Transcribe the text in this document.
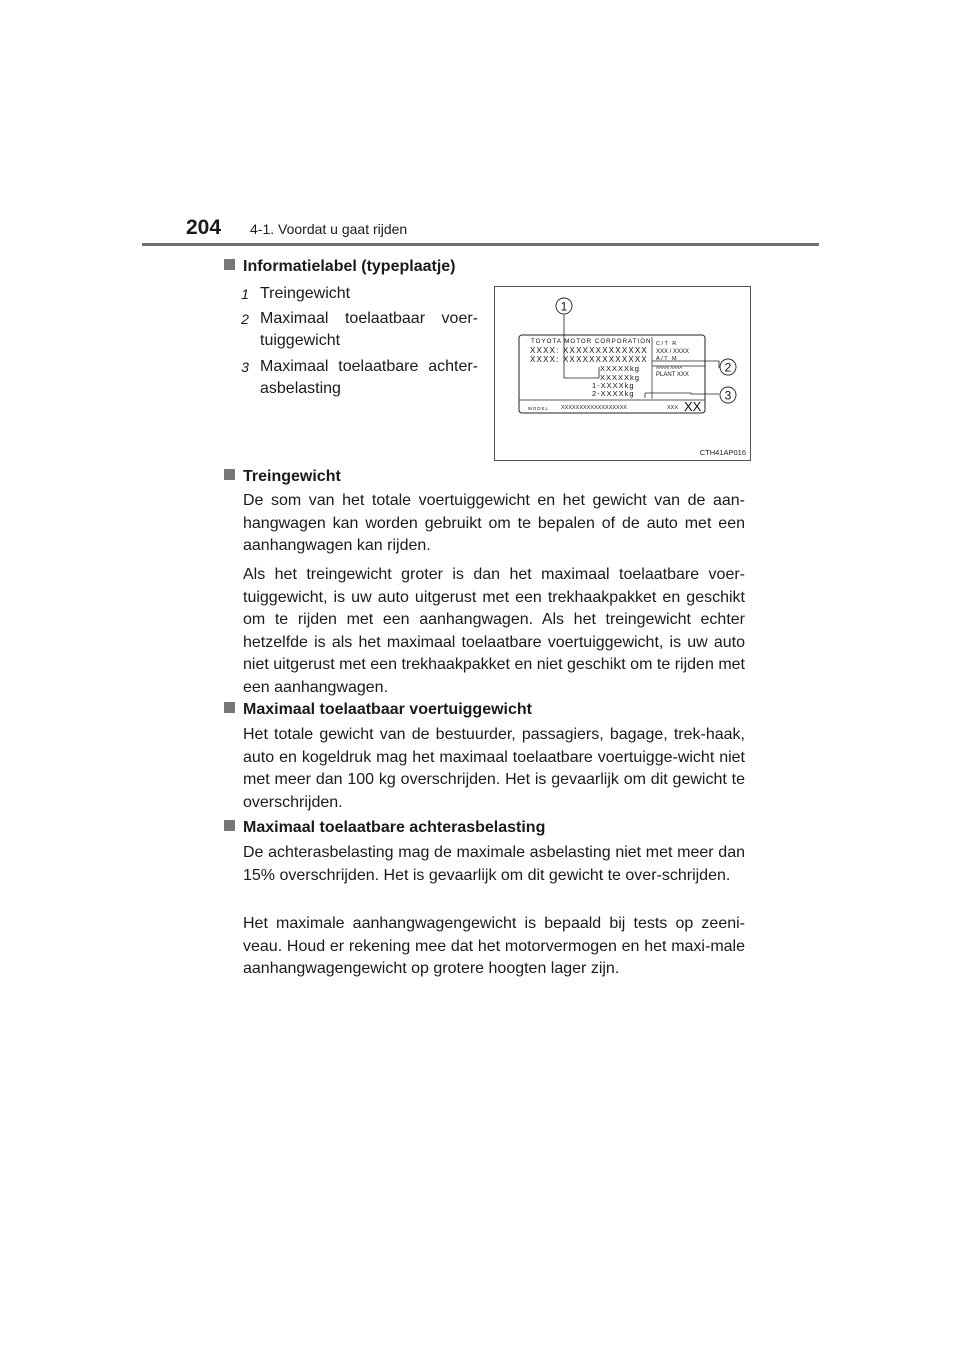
204 4-1. Voordat u gaat rijden
Informatielabel (typeplaatje)
1 Treingewicht
2 Maximaal toelaatbaar voer-tuiggewicht
3 Maximaal toelaatbare achter-asbelasting
TOYOTA MOTOR CORPORATION
XXXX: XXXXXXXXXXXXX
XXXX: XXXXXXXXXXXXX
XXXXXkg
XXXXXkg
1-XXXXkg
2-XXXXkg
C/T R
XXX / XXXX
A/T M
AAAA/ AAAA
PLANT XXX
MODEL XXXXXXXXXXXXXXXXXX	XXX XX
1
2
3
CTH41AP016
Treingewicht
De som van het totale voertuiggewicht en het gewicht van de aan-hangwagen kan worden gebruikt om te bepalen of de auto met een aanhangwagen kan rijden.
Als het treingewicht groter is dan het maximaal toelaatbare voer-tuiggewicht, is uw auto uitgerust met een trekhaakpakket en geschikt om te rijden met een aanhangwagen. Als het treingewicht echter hetzelfde is als het maximaal toelaatbare voertuiggewicht, is uw auto niet uitgerust met een trekhaakpakket en niet geschikt om te rijden met een aanhangwagen.
Maximaal toelaatbaar voertuiggewicht
Het totale gewicht van de bestuurder, passagiers, bagage, trek-haak, auto en kogeldruk mag het maximaal toelaatbare voertuigge-wicht niet met meer dan 100 kg overschrijden. Het is gevaarlijk om dit gewicht te overschrijden.
Maximaal toelaatbare achterasbelasting
De achterasbelasting mag de maximale asbelasting niet met meer dan 15% overschrijden. Het is gevaarlijk om dit gewicht te over-schrijden.
Het maximale aanhangwagengewicht is bepaald bij tests op zeeni-veau. Houd er rekening mee dat het motorvermogen en het maxi-male aanhangwagengewicht op grotere hoogten lager zijn.
